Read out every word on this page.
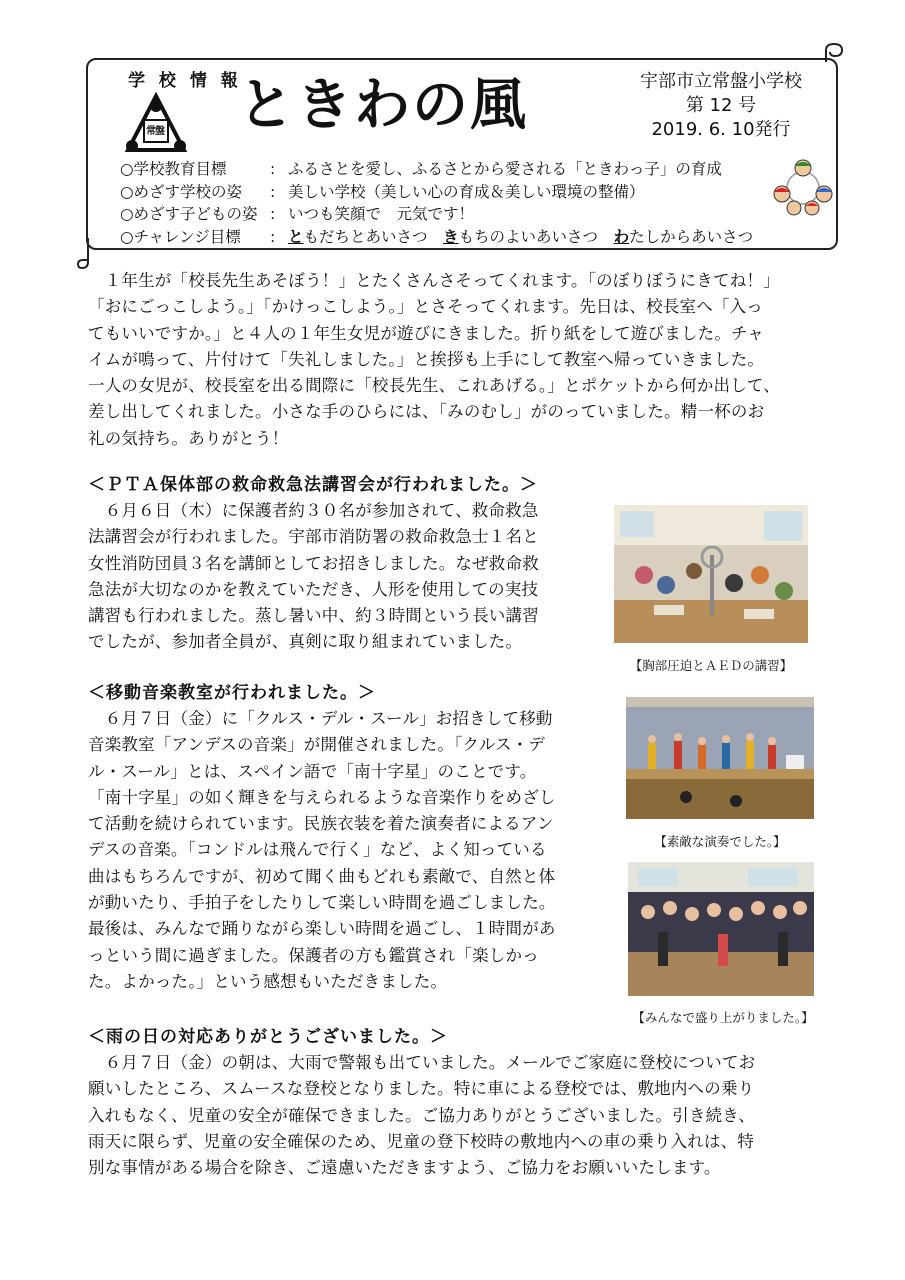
学 校 情 報
常盤 ときわの風	宇部市立常盤小学校
第 12 号
2019. 6. 10発行
○学校教育目標	: ふるさとを愛し、ふるさとから愛される「ときわっ子」の育成
○めざす学校の姿	: 美しい学校（美しい心の育成＆美しい環境の整備）
○めざす子どもの姿 : いつも笑顔で　元気です！
○チャレンジ目標	: ともだちとあいさつ　きもちのよいあいさつ　わたしからあいさつ
　１年生が「校長先生あそぼう！」とたくさんさそってくれます。「のぼりぼうにきてね！」
「おにごっこしよう。」「かけっこしよう。」とさそってくれます。先日は、校長室へ「入っ
てもいいですか。」と４人の１年生女児が遊びにきました。折り紙をして遊びました。チャ
イムが鳴って、片付けて「失礼しました。」と挨拶も上手にして教室へ帰っていきました。
一人の女児が、校長室を出る間際に「校長先生、これあげる。」とポケットから何か出して、
差し出してくれました。小さな手のひらには、「みのむし」がのっていました。精一杯のお
礼の気持ち。ありがとう！
＜ＰＴＡ保体部の救命救急法講習会が行われました。＞
　６月６日（木）に保護者約３０名が参加されて、救命救急
法講習会が行われました。宇部市消防署の救命救急士１名と
女性消防団員３名を講師としてお招きしました。なぜ救命救
急法が大切なのかを教えていただき、人形を使用しての実技
講習も行われました。蒸し暑い中、約３時間という長い講習
でしたが、参加者全員が、真剣に取り組まれていました。
【胸部圧迫とＡＥＤの講習】
＜移動音楽教室が行われました。＞
　６月７日（金）に「クルス・デル・スール」お招きして移動
音楽教室「アンデスの音楽」が開催されました。「クルス・デ
ル・スール」とは、スペイン語で「南十字星」のことです。
「南十字星」の如く輝きを与えられるような音楽作りをめざし
て活動を続けられています。民族衣装を着た演奏者によるアン
デスの音楽。「コンドルは飛んで行く」など、よく知っている
曲はもちろんですが、初めて聞く曲もどれも素敵で、自然と体
が動いたり、手拍子をしたりして楽しい時間を過ごしました。
最後は、みんなで踊りながら楽しい時間を過ごし、１時間があ
っという間に過ぎました。保護者の方も鑑賞され「楽しかっ
た。よかった。」という感想もいただきました。
【素敵な演奏でした。】
【みんなで盛り上がりました。】
＜雨の日の対応ありがとうございました。＞
　６月７日（金）の朝は、大雨で警報も出ていました。メールでご家庭に登校についてお
願いしたところ、スムースな登校となりました。特に車による登校では、敷地内への乗り
入れもなく、児童の安全が確保できました。ご協力ありがとうございました。引き続き、
雨天に限らず、児童の安全確保のため、児童の登下校時の敷地内への車の乗り入れは、特
別な事情がある場合を除き、ご遠慮いただきますよう、ご協力をお願いいたします。
